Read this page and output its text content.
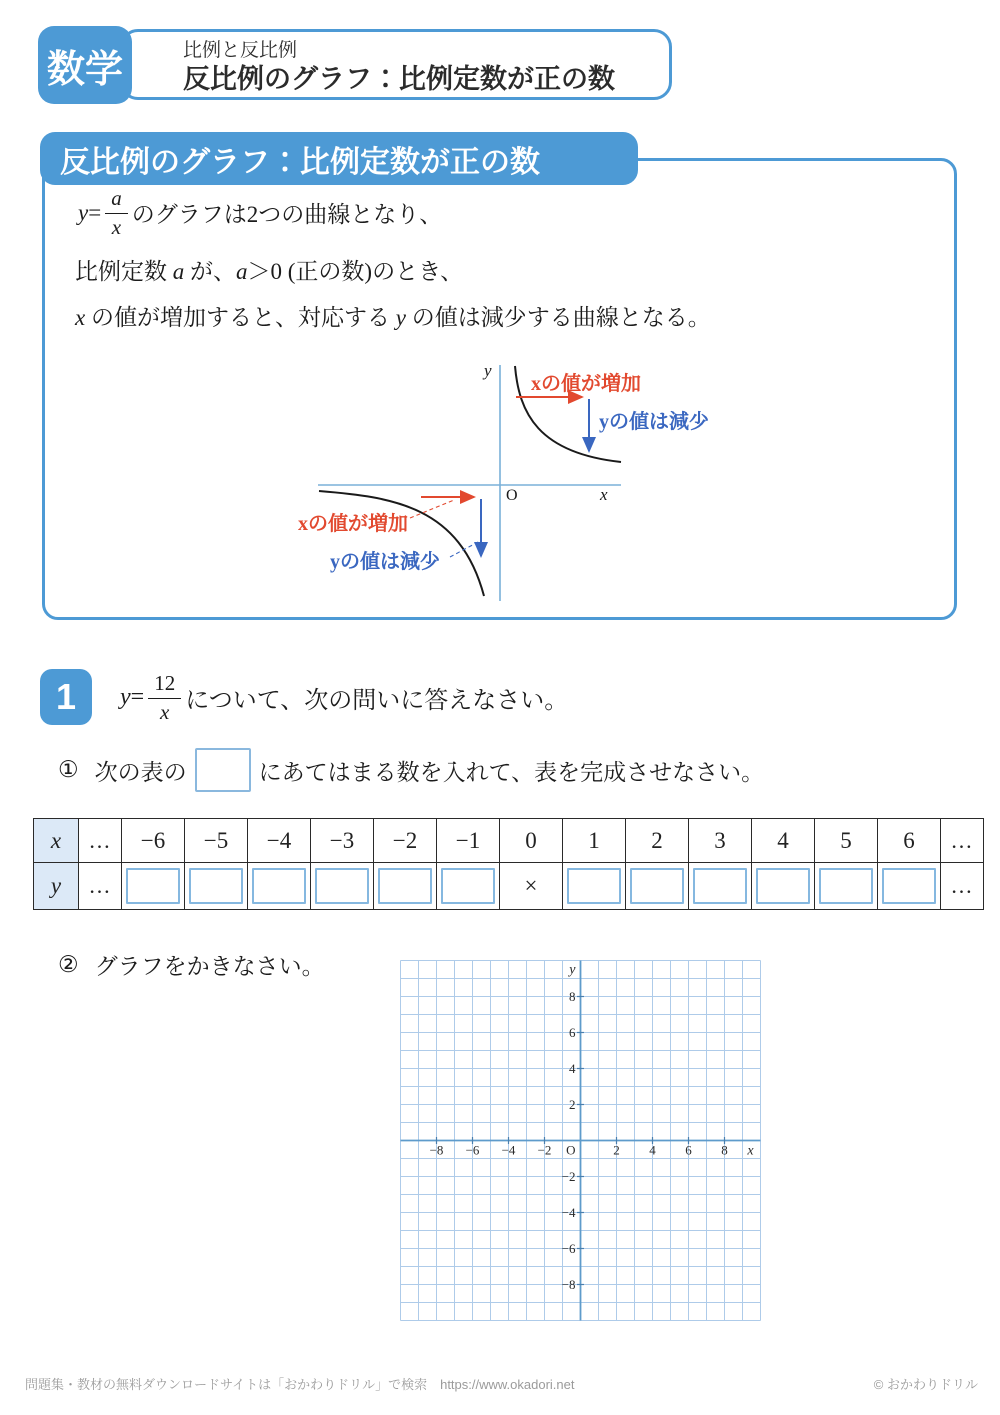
数学	比例と反比例
反比例のグラフ：比例定数が正の数
反比例のグラフ：比例定数が正の数
$y = \frac{a}{x}$ のグラフは2つの曲線となり、
比例定数 a が、a＞0 (正の数)のとき、
x の値が増加すると、対応する y の値は減少する曲線となる。
xの値が増加
yの値は減少
xの値が増加
yの値は減少
y
x
O
1	$y = \frac{12}{x}$ について、次の問いに答えなさい。
① 次の表の	にあてはまる数を入れて、表を完成させなさい。
x	…	−6	−5	−4	−3	−2	−1	0	1	2	3	4	5	6	…
y	…							×							…
② グラフをかきなさい。
−8 −6 −4 −2	2 4 6 8
−8
−6
−4
−2
2
4
6
8
O	x
y
問題集・教材の無料ダウンロードサイトは「おかわりドリル」で検索　https://www.okadori.net	© おかわりドリル
